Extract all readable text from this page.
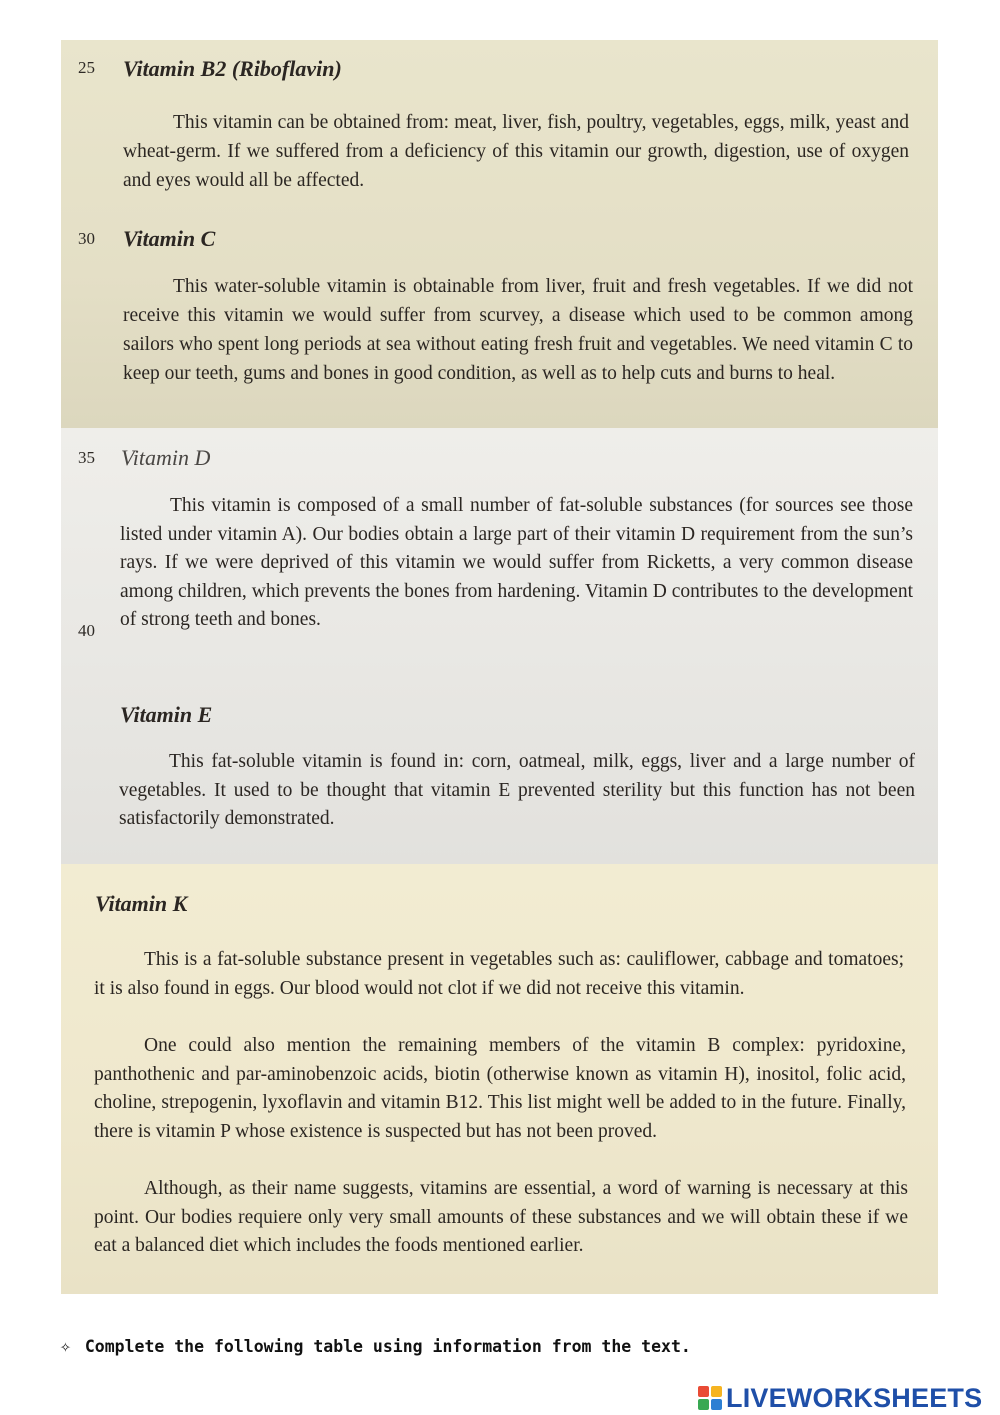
25 Vitamin B2 (Riboflavin)

This vitamin can be obtained from: meat, liver, fish, poultry, vegetables, eggs, milk, yeast and wheat-germ. If we suffered from a deficiency of this vitamin our growth, digestion, use of oxygen and eyes would all be affected.

30 Vitamin C

This water-soluble vitamin is obtainable from liver, fruit and fresh vegetables. If we did not receive this vitamin we would suffer from scurvey, a disease which used to be common among sailors who spent long periods at sea without eating fresh fruit and vegetables. We need vitamin C to keep our teeth, gums and bones in good condition, as well as to help cuts and burns to heal.

35 Vitamin D

This vitamin is composed of a small number of fat-soluble substances (for sources see those listed under vitamin A). Our bodies obtain a large part of their vitamin D requirement from the sun’s rays. If we were deprived of this vitamin we would suffer from Ricketts, a very common disease among children, which prevents the bones from hardening. Vitamin D contributes to the development of strong teeth and bones.

40
Vitamin E

This fat-soluble vitamin is found in: corn, oatmeal, milk, eggs, liver and a large number of vegetables. It used to be thought that vitamin E prevented sterility but this function has not been satisfactorily demonstrated.

Vitamin K

This is a fat-soluble substance present in vegetables such as: cauliflower, cabbage and tomatoes; it is also found in eggs. Our blood would not clot if we did not receive this vitamin.

One could also mention the remaining members of the vitamin B complex: pyridoxine, panthothenic and par-aminobenzoic acids, biotin (otherwise known as vitamin H), inositol, folic acid, choline, strepogenin, lyxoflavin and vitamin B12. This list might well be added to in the future. Finally, there is vitamin P whose existence is suspected but has not been proved.

Although, as their name suggests, vitamins are essential, a word of warning is necessary at this point. Our bodies requiere only very small amounts of these substances and we will obtain these if we eat a balanced diet which includes the foods mentioned earlier.

✧ Complete the following table using information from the text.
LIVEWORKSHEETS
